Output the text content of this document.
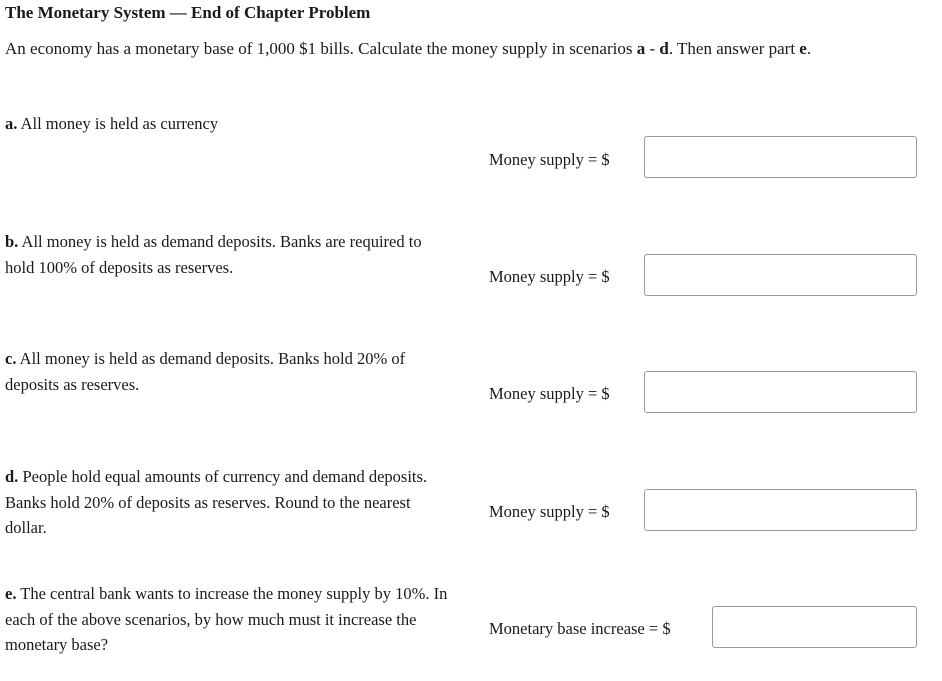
The Monetary System — End of Chapter Problem
An economy has a monetary base of 1,000 $1 bills. Calculate the money supply in scenarios a - d. Then answer part e.
a. All money is held as currency
Money supply = $
b. All money is held as demand deposits. Banks are required to hold 100% of deposits as reserves.	Money supply = $
c. All money is held as demand deposits. Banks hold 20% of deposits as reserves.	Money supply = $
d. People hold equal amounts of currency and demand deposits. Banks hold 20% of deposits as reserves. Round to the nearest dollar.
Money supply = $
e. The central bank wants to increase the money supply by 10%. In each of the above scenarios, by how much must it increase the monetary base?
Monetary base increase = $
